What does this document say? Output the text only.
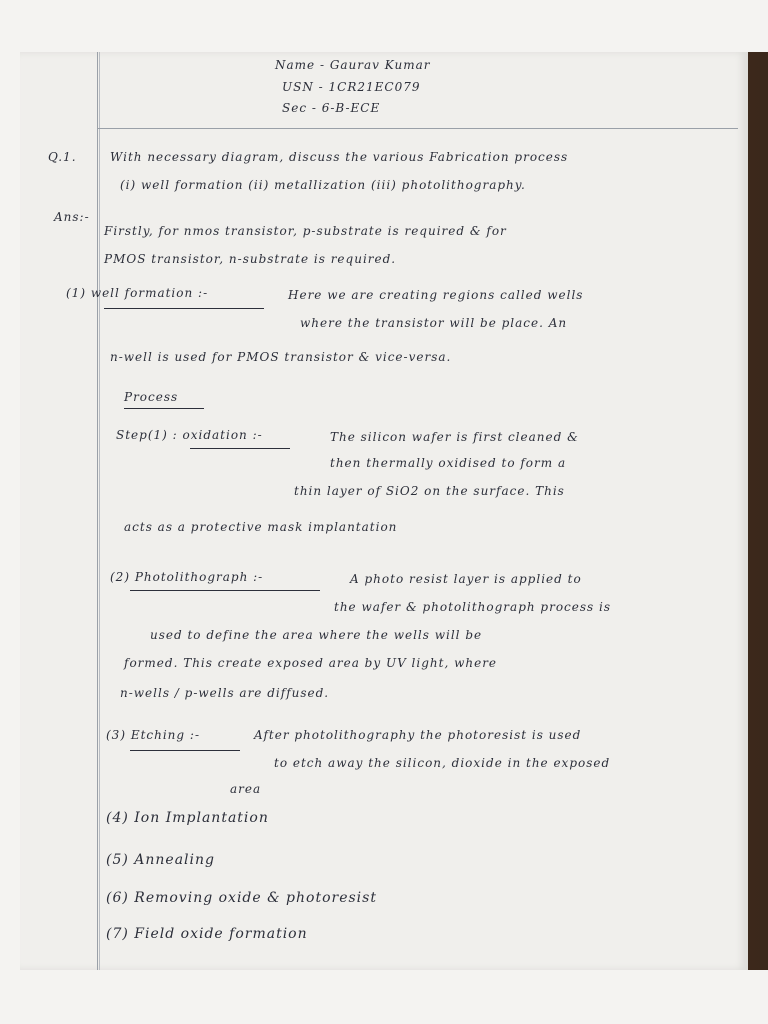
Name - Gaurav Kumar
USN - 1CR21EC079
Sec - 6-B-ECE
Q.1.	With necessary diagram, discuss the various Fabrication process
(i) well formation (ii) metallization (iii) photolithography.
Ans:-
Firstly, for nmos transistor, p-substrate is required & for
PMOS transistor, n-substrate is required.
(1) well formation :-	Here we are creating regions called wells
where the transistor will be place. An
n-well is used for PMOS transistor & vice-versa.
Process
Step(1) : oxidation :-	The silicon wafer is first cleaned &
then thermally oxidised to form a
thin layer of SiO2 on the surface. This
acts as a protective mask implantation
(2) Photolithograph :-	A photo resist layer is applied to
the wafer & photolithograph process is
used to define the area where the wells will be
formed. This create exposed area by UV light, where
n-wells / p-wells are diffused.
(3) Etching :-	After photolithography the photoresist is used
to etch away the silicon, dioxide in the exposed
area
(4) Ion Implantation
(5) Annealing
(6) Removing oxide & photoresist
(7) Field oxide formation
